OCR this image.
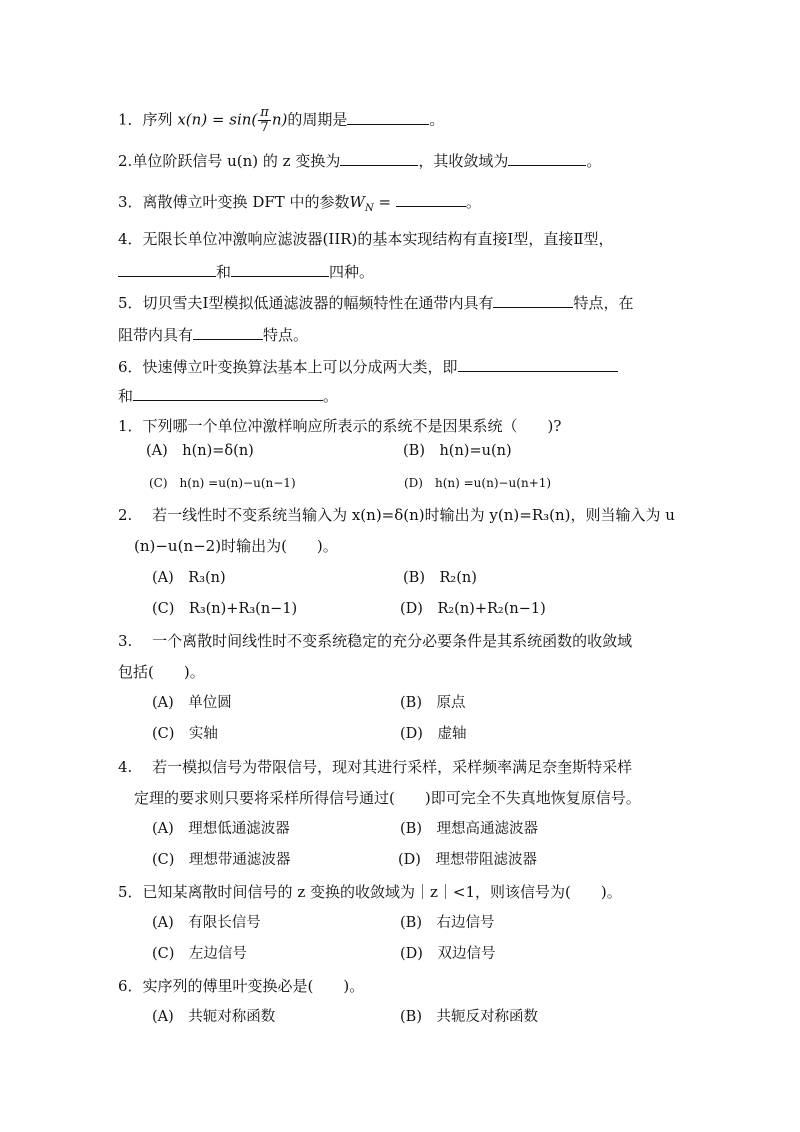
1．序列 $x(n) = \sin( \frac{\pi}{7} n)$的周期是	。
2.单位阶跃信号 u(n) 的 z 变换为	，其收敛域为	。
3．离散傅立叶变换 DFT 中的参数$W_N$ =	。
4．无限长单位冲激响应滤波器(IIR)的基本实现结构有直接Ⅰ型，直接Ⅱ型，
和	四种。
5．切贝雪夫Ⅰ型模拟低通滤波器的幅频特性在通带内具有	特点，在
阻带内具有	特点。
6．快速傅立叶变换算法基本上可以分成两大类，即
和	。
1．下列哪一个单位冲激样响应所表示的系统不是因果系统（　　)?
(A)　h(n)=δ(n)	(B)　h(n)=u(n)
(C)　h(n) =u(n)−u(n−1)	(D)　h(n) =u(n)−u(n+1)
2.　 若一线性时不变系统当输入为 x(n)=δ(n)时输出为 y(n)=R₃(n)，则当输入为 u
(n)−u(n−2)时输出为(　　)。
(A)　R₃(n)	(B)　R₂(n)
(C)　R₃(n)+R₃(n−1)	(D)　R₂(n)+R₂(n−1)
3.　 一个离散时间线性时不变系统稳定的充分必要条件是其系统函数的收敛域
包括(　　)。
(A)　单位圆	(B)　原点
(C)　实轴	(D)　虚轴
4.　 若一模拟信号为带限信号，现对其进行采样，采样频率满足奈奎斯特采样
定理的要求则只要将采样所得信号通过(　　)即可完全不失真地恢复原信号。
(A)　理想低通滤波器	(B)　理想高通滤波器
(C)　理想带通滤波器	(D)　理想带阻滤波器
5．已知某离散时间信号的 z 变换的收敛域为｜z｜<1，则该信号为(　　)。
(A)　有限长信号	(B)　右边信号
(C)　左边信号	(D)　双边信号
6．实序列的傅里叶变换必是(　　)。
(A)　共轭对称函数	(B)　共轭反对称函数
